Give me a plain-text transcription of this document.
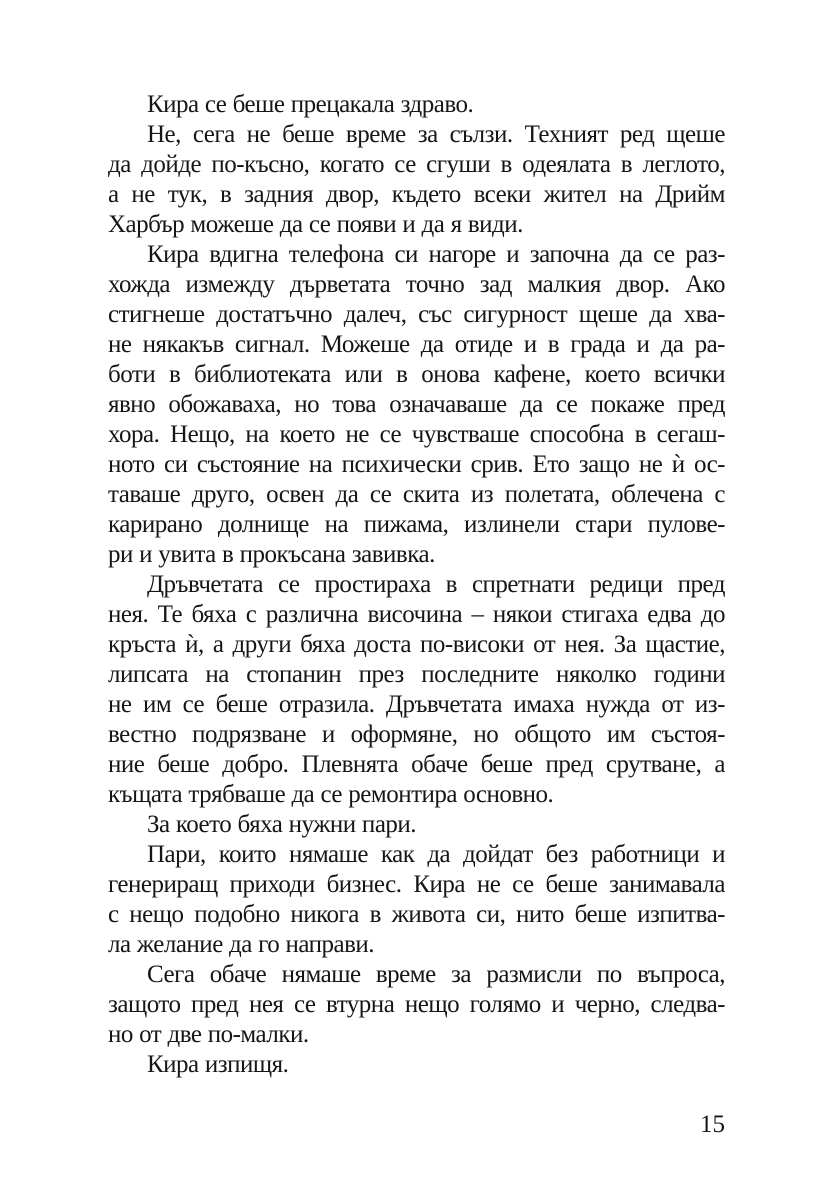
Кира се беше прецакала здраво.
Не, сега не беше време за сълзи. Техният ред щеше
да дойде по-късно, когато се сгуши в одеялата в леглото,
а не тук, в задния двор, където всеки жител на Дрийм
Харбър можеше да се появи и да я види.
Кира вдигна телефона си нагоре и започна да се раз-
хожда измежду дърветата точно зад малкия двор. Ако
стигнеше достатъчно далеч, със сигурност щеше да хва-
не някакъв сигнал. Можеше да отиде и в града и да ра-
боти в библиотеката или в онова кафене, което всички
явно обожаваха, но това означаваше да се покаже пред
хора. Нещо, на което не се чувстваше способна в сегаш-
ното си състояние на психически срив. Ето защо не ѝ ос-
таваше друго, освен да се скита из полетата, облечена с
карирано долнище на пижама, излинели стари пулове-
ри и увита в прокъсана завивка.
Дръвчетата се простираха в спретнати редици пред
нея. Те бяха с различна височина – някои стигаха едва до
кръста ѝ, а други бяха доста по-високи от нея. За щастие,
липсата на стопанин през последните няколко години
не им се беше отразила. Дръвчетата имаха нужда от из-
вестно подрязване и оформяне, но общото им състоя-
ние беше добро. Плевнята обаче беше пред срутване, а
къщата трябваше да се ремонтира основно.
За което бяха нужни пари.
Пари, които нямаше как да дойдат без работници и
генериращ приходи бизнес. Кира не се беше занимавала
с нещо подобно никога в живота си, нито беше изпитва-
ла желание да го направи.
Сега обаче нямаше време за размисли по въпроса,
защото пред нея се втурна нещо голямо и черно, следва-
но от две по-малки.
Кира изпищя.
15
